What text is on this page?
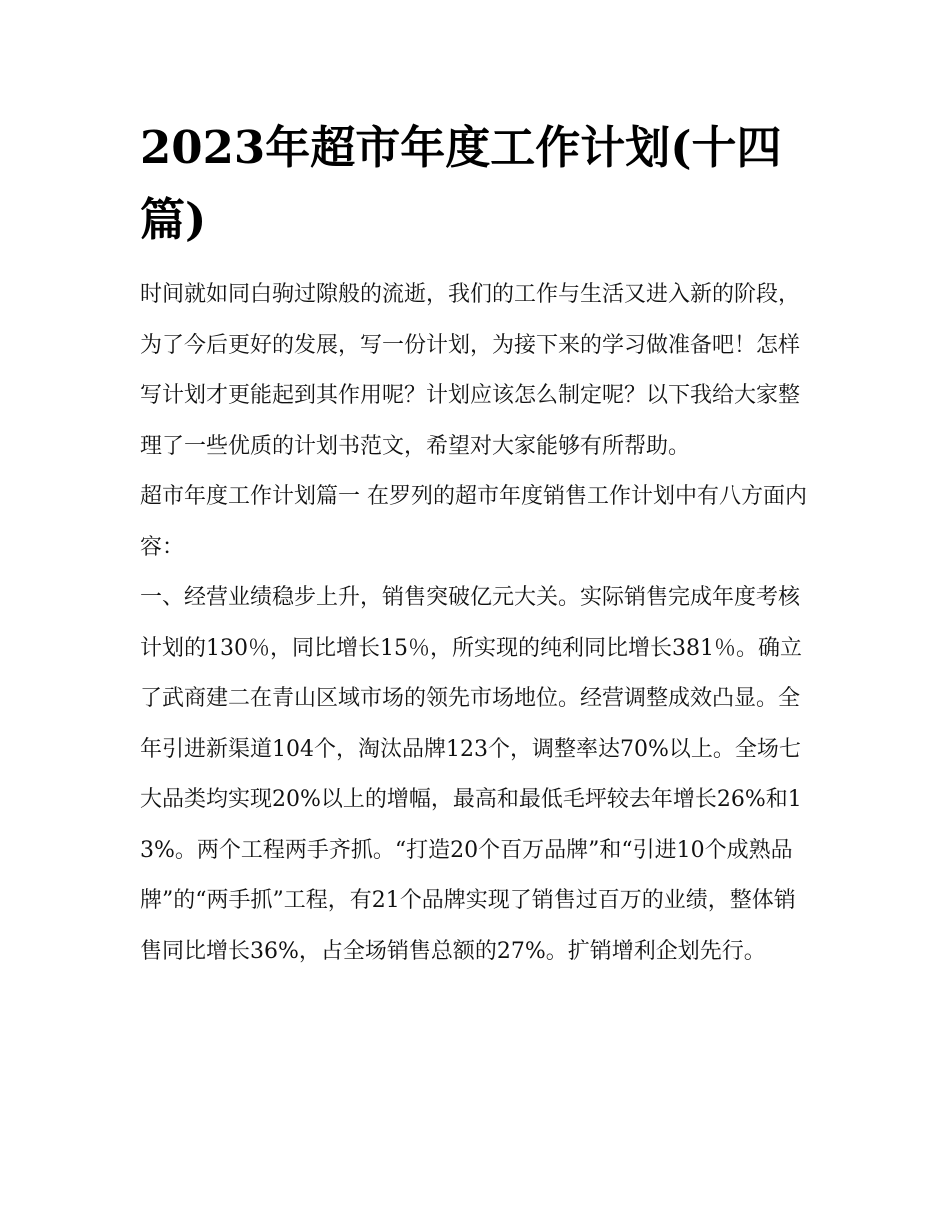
2023年超市年度工作计划(十四篇)

时间就如同白驹过隙般的流逝，我们的工作与生活又进入新的阶段，为了今后更好的发展，写一份计划，为接下来的学习做准备吧！怎样写计划才更能起到其作用呢？计划应该怎么制定呢？以下我给大家整理了一些优质的计划书范文，希望对大家能够有所帮助。

超市年度工作计划篇一 在罗列的超市年度销售工作计划中有八方面内容：

一、经营业绩稳步上升，销售突破亿元大关。实际销售完成年度考核计划的130％，同比增长15％，所实现的纯利同比增长381％。确立了武商建二在青山区域市场的领先市场地位。经营调整成效凸显。全年引进新渠道104个，淘汰品牌123个，调整率达70%以上。全场七大品类均实现20%以上的增幅，最高和最低毛坪较去年增长26%和13%。两个工程两手齐抓。“打造20个百万品牌”和“引进10个成熟品牌”的“两手抓”工程，有21个品牌实现了销售过百万的业绩，整体销售同比增长36%，占全场销售总额的27%。扩销增利企划先行。
